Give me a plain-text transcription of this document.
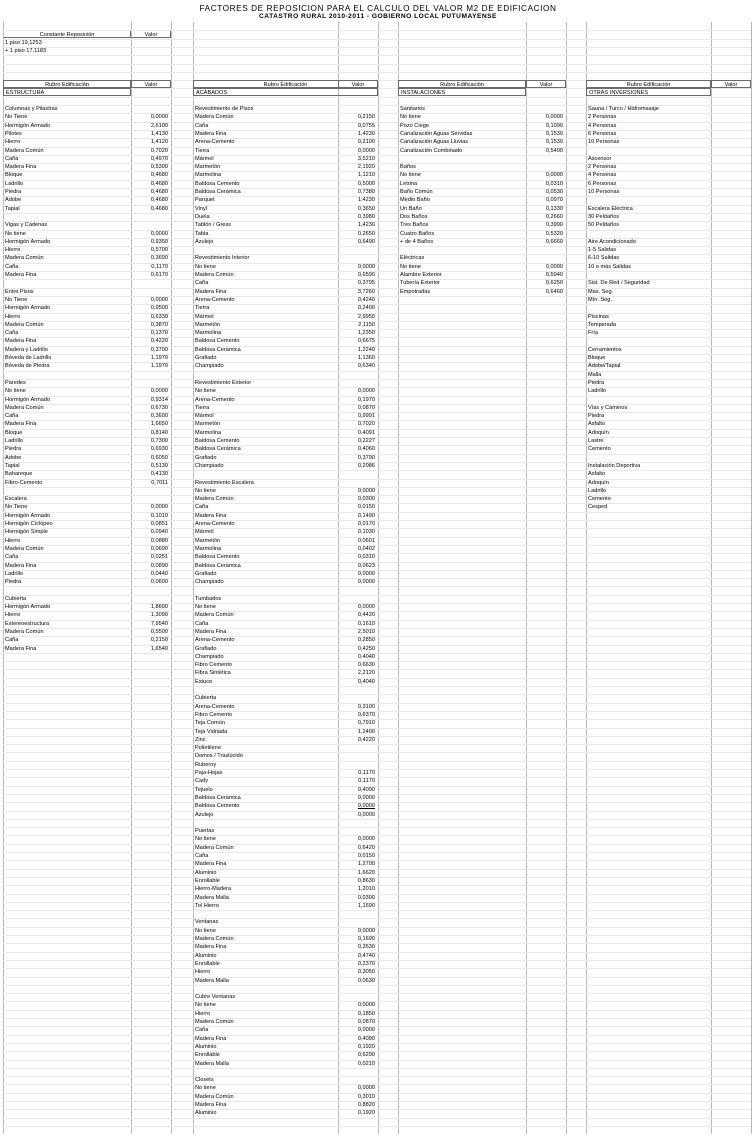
FACTORES DE REPOSICION PARA EL CALCULO DEL VALOR M2 DE EDIFICACION
CATASTRO RURAL 2010-2011 - GOBIERNO LOCAL PUTUMAYENSE
Constante Reposición	Valor
1 piso 19,1253
+ 1 piso 17,1183
Rubro Edificación	Valor
ESTRUCTURA
Columnas y Pilastras
No Tiene	0,0000
Hormigón Armado	2,6100
Pilotes	1,4130
Hierro	1,4120
Madera Común	0,7020
Caña	0,4970
Madera Fina	0,5300
Bloque	0,4680
Ladrillo	0,4680
Piedra	0,4680
Adobe	0,4680
Tapial	0,4680
Vigas y Cadenas
No tiene	0,0000
Hormigón Armado	0,9350
Hierro	0,5700
Madera Común	0,3690
Caña	0,1170
Madera Fina	0,6170
Entre Pisos
No Tiene	0,0000
Hormigón Armado	0,9500
Hierro	0,6330
Madera Común	0,3870
Caña	0,1370
Madera Fina	0,4220
Madera y Ladrillo	0,3700
Bóveda de Ladrillo	1,1970
Bóveda de Piedra	1,1970
Paredes
No tiene	0,0000
Hormigón Armado	0,9314
Madera Común	0,6730
Caña	0,3600
Madera Fina	1,6650
Bloque	0,8140
Ladrillo	0,7300
Piedra	0,6930
Adobe	0,6050
Tapial	0,5130
Bahareque	0,4130
Fibro-Cemento	0,7011
Escalera
No Tiene	0,0000
Hormigón Armado	0,1010
Hormigón Ciclópeo	0,0851
Hormigón Simple	0,0940
Hierro	0,0880
Madera Común	0,0690
Caña	0,0251
Madera Fina	0,0890
Ladrillo	0,0440
Piedra	0,0600
Cubierta
Hormigón Armado	1,8600
Hierro	1,3090
Estereoestructura	7,9540
Madera Común	0,5500
Caña	0,2150
Madera Fina	1,6540
Rubro Edificación	Valor
ACABADOS
Revestimiento de Pisos
Madera Común	0,2150
Caña	0,0755
Madera Fina	1,4230
Arena-Cemento	0,2100
Tierra	0,0000
Mármol	3,5210
Marmetón	2,1920
Marmolina	1,1210
Baldosa Cemento	0,5000
Baldosa Cerámica	0,7380
Parquet	1,4230
Vinyl	0,3650
Duela	0,3980
Tablón / Gress	1,4230
Tabla	0,2650
Azulejo	0,6490
Revestimiento Interior
No tiene	0,0000
Madera Común	0,6590
Caña	0,3795
Madera Fina	3,7260
Arena-Cemento	0,4240
Tierra	0,2400
Mármol	2,9950
Marmetón	2,1150
Marmolina	1,2350
Baldosa Cemento	0,6675
Baldosa Cerámica	1,2240
Grafiado	1,1360
Champiado	0,6340
Revestimiento Exterior
No tiene	0,0000
Arena-Cemento	0,1970
Tierra	0,0870
Mármol	0,9991
Marmetón	0,7020
Marmolina	0,4091
Baldosa Cemento	0,2227
Baldosa Cerámica	0,4060
Grafiado	0,3790
Champiado	0,2086
Revestimiento Escalera
No tiene	0,0000
Madera Común	0,0300
Caña	0,0150
Madera Fina	0,1490
Arena-Cemento	0,0170
Mármol	0,1030
Marmetón	0,0601
Marmolina	0,0402
Baldosa Cemento	0,0310
Baldosa Cerámica	0,0623
Grafiado	0,0000
Champiado	0,0000
Tumbados
No tiene	0,0000
Madera Común	0,4420
Caña	0,1610
Madera Fina	2,5010
Arena-Cemento	0,2850
Grafiado	0,4250
Champiado	0,4040
Fibro Cemento	0,6630
Fibra Sintética	2,2120
Estuco	0,4040
Cubierta
Arena-Cemento	0,3100
Fibro Cemento	0,6370
Teja Común	0,7910
Teja Vidriada	1,2400
Zinc	0,4220
Polietileno
Domos / Traslúcido
Ruberoy
Paja-Hojas	0,1170
Cady	0,1170
Tejuelo	0,4090
Baldosa Cerámica	0,0000
Baldosa Cemento	0,0000
Azulejo	0,0000
Puertas
No tiene	0,0000
Madera Común	0,6420
Caña	0,0150
Madera Fina	1,2700
Aluminio	1,6620
Enrollable	0,8630
Hierro-Madera	1,2010
Madera Malla	0,0300
Tol Hierro	1,1690
Ventanas
No tiene	0,0000
Madera Común	0,1690
Madera Fina	0,3530
Aluminio	0,4740
Enrollable	0,2370
Hierro	0,3050
Madera Malla	0,0630
Cubre Ventanas
No tiene	0,0000
Hierro	0,1850
Madera Común	0,0870
Caña	0,0000
Madera Fina	0,4090
Aluminio	0,1920
Enrollable	0,6290
Madera Malla	0,0210
Closets
No tiene	0,0000
Madera Común	0,3010
Madera Fina	0,8820
Aluminio	0,1920
Rubro Edificación	Valor
INSTALACIONES
Sanitarios
No tiene	0,0000
Pozo Ciego	0,1090
Canalización Aguas Servidas	0,1530
Canalización Aguas Lluvias	0,1530
Canalización Combinado	0,5490
Baños
No tiene	0,0000
Letrina	0,0310
Baño Común	0,0530
Medio Baño	0,0970
Un Baño	0,1330
Dos Baños	0,2660
Tres Baños	0,3990
Cuatro Baños	0,5320
+ de 4 Baños	0,6660
Eléctricas
No tiene	0,0000
Alambre Exterior	0,5940
Tubería Exterior	0,6250
Empotradas	0,6460
Rubro Edificación	Valor
OTRAS INVERSIONES
Sauna / Turco / Hidromasaje
2 Personas
4 Personas
6 Personas
10 Personas
Ascensor
2 Personas
4 Personas
6 Personas
10 Personas
Escalera Eléctrica
30 Peldaños
50 Peldaños
Aire Acondicionado
1-5 Salidas
6-10 Salidas
10 o más Salidas
Sist. De Red / Seguridad
Max. Seg.
Mín. Seg.
Piscinas
Temperada
Fría
Cerramientos
Bloque
Adobe/Tapial
Malla
Piedra
Ladrillo
Vías y Caminos
Piedra
Asfalto
Adoquín
Lastre
Cemento
Instalación Deportiva
Asfalto
Adoquín
Ladrillo
Cemento
Cesped
